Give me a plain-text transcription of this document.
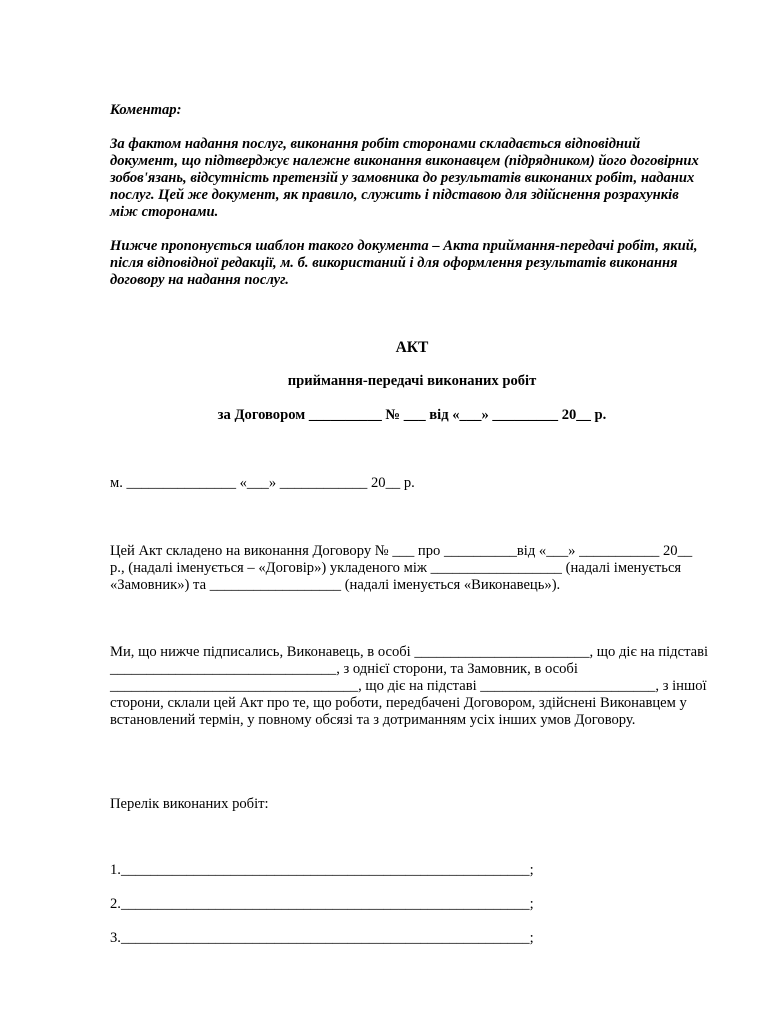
Коментар:

За фактом надання послуг, виконання робіт сторонами складається відповідний документ, що підтверджує належне виконання виконавцем (підрядником) його договірних зобов'язань, відсутність претензій у замовника до результатів виконаних робіт, наданих послуг. Цей же документ, як правило, служить і підставою для здійснення розрахунків між сторонами.

Нижче пропонується шаблон такого документа – Акта приймання-передачі робіт, який, після відповідної редакції, м. б. використаний і для оформлення результатів виконання договору на надання послуг.

АКТ

приймання-передачі виконаних робіт

за Договором __________ № ___ від «___» _________ 20__ р.

м. _______________ «___» ____________ 20__ р.

Цей Акт складено на виконання Договору № ___ про __________від «___» ___________ 20__ р., (надалі іменується – «Договір») укладеного між __________________ (надалі іменується «Замовник») та __________________ (надалі іменується «Виконавець»).

Ми, що нижче підписались, Виконавець, в особі ________________________, що діє на підставі _______________________________, з однієї сторони, та Замовник, в особі __________________________________, що діє на підставі ________________________, з іншої сторони, склали цей Акт про те, що роботи, передбачені Договором, здійснені Виконавцем у встановлений термін, у повному обсязі та з дотриманням усіх інших умов Договору.

Перелік виконаних робіт:

1.________________________________________________________;

2.________________________________________________________;

3.________________________________________________________;
